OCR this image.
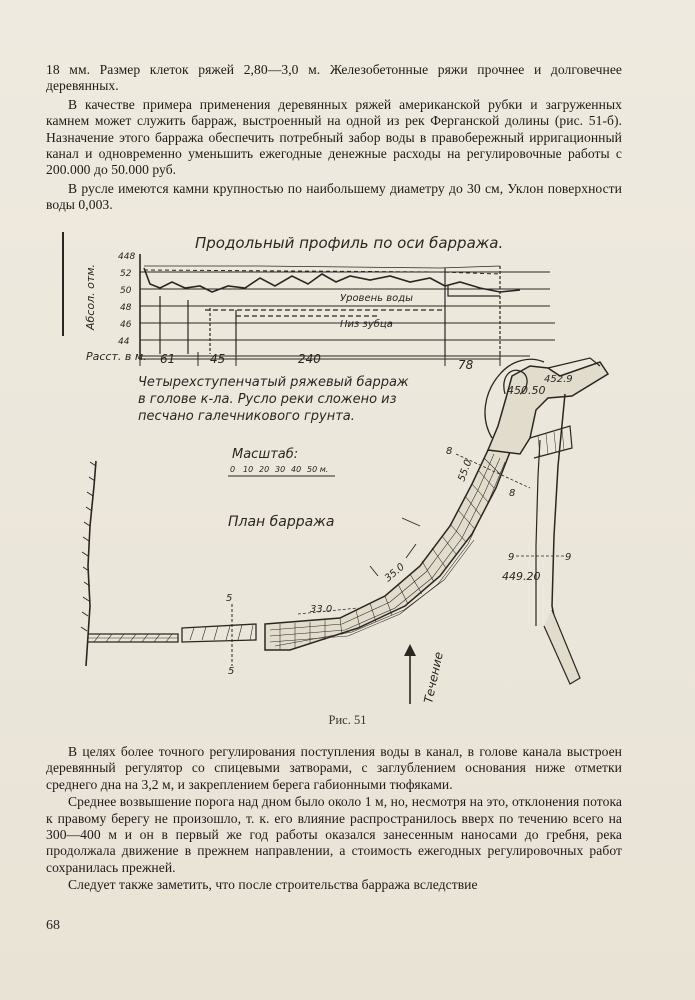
18 мм. Размер клеток ряжей 2,80—3,0 м. Железобетонные ряжи прочнее и долговечнее деревянных.

В качестве примера применения деревянных ряжей американской рубки и загруженных камнем может служить барраж, выстроенный на одной из рек Ферганской долины (рис. 51-б). Назначение этого барража обеспечить потребный забор воды в правобережный ирригационный канал и одновременно уменьшить ежегодные денежные расходы на регулировочные работы с 200.000 до 50.000 руб.

В русле имеются камни крупностью по наибольшему диаметру до 30 см, Уклон поверхности воды 0,003.

Продольный профиль по оси барража.
Абсол. отм.
448
52
50
48
46
44
Уровень воды
Низ зубца
Расст. в м. 61	45	240	78
Четырехступенчатый ряжевый барраж
в голове к-ла. Русло реки сложено из
песчано галечникового грунта.
Масштаб:
0 10 20 30 40 50 м.
План барража
5
5
450.50
452.9
449.20
55.0
33.0
35.0
8
8
9	9
Течение
Рис. 51

В целях более точного регулирования поступления воды в канал, в голове канала выстроен деревянный регулятор со спицевыми затворами, с заглублением основания ниже отметки среднего дна на 3,2 м, и закреплением берега габионными тюфяками.

Среднее возвышение порога над дном было около 1 м, но, несмотря на это, отклонения потока к правому берегу не произошло, т. к. его влияние распространилось вверх по течению всего на 300—400 м и он в первый же год работы оказался занесенным наносами до гребня, река продолжала движение в прежнем направлении, а стоимость ежегодных регулировочных работ сохранилась прежней.

Следует также заметить, что после строительства барража вследствие

68
